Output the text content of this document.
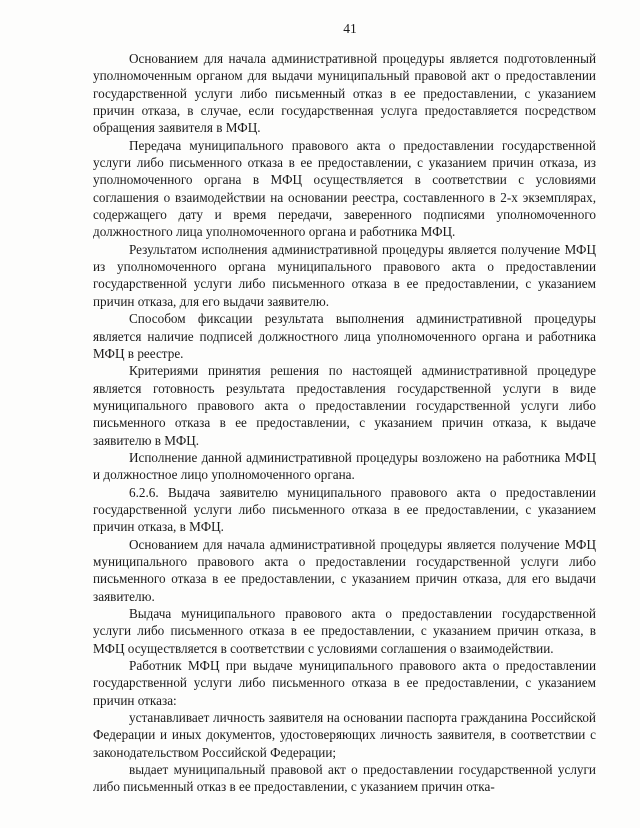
41

Основанием для начала административной процедуры является подготовленный уполномоченным органом для выдачи муниципальный правовой акт о предоставлении государственной услуги либо письменный отказ в ее предоставлении, с указанием причин отказа, в случае, если государственная услуга предоставляется посредством обращения заявителя в МФЦ.

Передача муниципального правового акта о предоставлении государственной услуги либо письменного отказа в ее предоставлении, с указанием причин отказа, из уполномоченного органа в МФЦ осуществляется в соответствии с условиями соглашения о взаимодействии на основании реестра, составленного в 2-х экземплярах, содержащего дату и время передачи, заверенного подписями уполномоченного должностного лица уполномоченного органа и работника МФЦ.

Результатом исполнения административной процедуры является получение МФЦ из уполномоченного органа муниципального правового акта о предоставлении государственной услуги либо письменного отказа в ее предоставлении, с указанием причин отказа, для его выдачи заявителю.

Способом фиксации результата выполнения административной процедуры является наличие подписей должностного лица уполномоченного органа и работника МФЦ в реестре.

Критериями принятия решения по настоящей административной процедуре является готовность результата предоставления государственной услуги в виде муниципального правового акта о предоставлении государственной услуги либо письменного отказа в ее предоставлении, с указанием причин отказа, к выдаче заявителю в МФЦ.

Исполнение данной административной процедуры возложено на работника МФЦ и должностное лицо уполномоченного органа.

6.2.6. Выдача заявителю муниципального правового акта о предоставлении государственной услуги либо письменного отказа в ее предоставлении, с указанием причин отказа, в МФЦ.

Основанием для начала административной процедуры является получение МФЦ муниципального правового акта о предоставлении государственной услуги либо письменного отказа в ее предоставлении, с указанием причин отказа, для его выдачи заявителю.

Выдача муниципального правового акта о предоставлении государственной услуги либо письменного отказа в ее предоставлении, с указанием причин отказа, в МФЦ осуществляется в соответствии с условиями соглашения о взаимодействии.

Работник МФЦ при выдаче муниципального правового акта о предоставлении государственной услуги либо письменного отказа в ее предоставлении, с указанием причин отказа:

устанавливает личность заявителя на основании паспорта гражданина Российской Федерации и иных документов, удостоверяющих личность заявителя, в соответствии с законодательством Российской Федерации;

выдает муниципальный правовой акт о предоставлении государственной услуги либо письменный отказ в ее предоставлении, с указанием причин отка-
